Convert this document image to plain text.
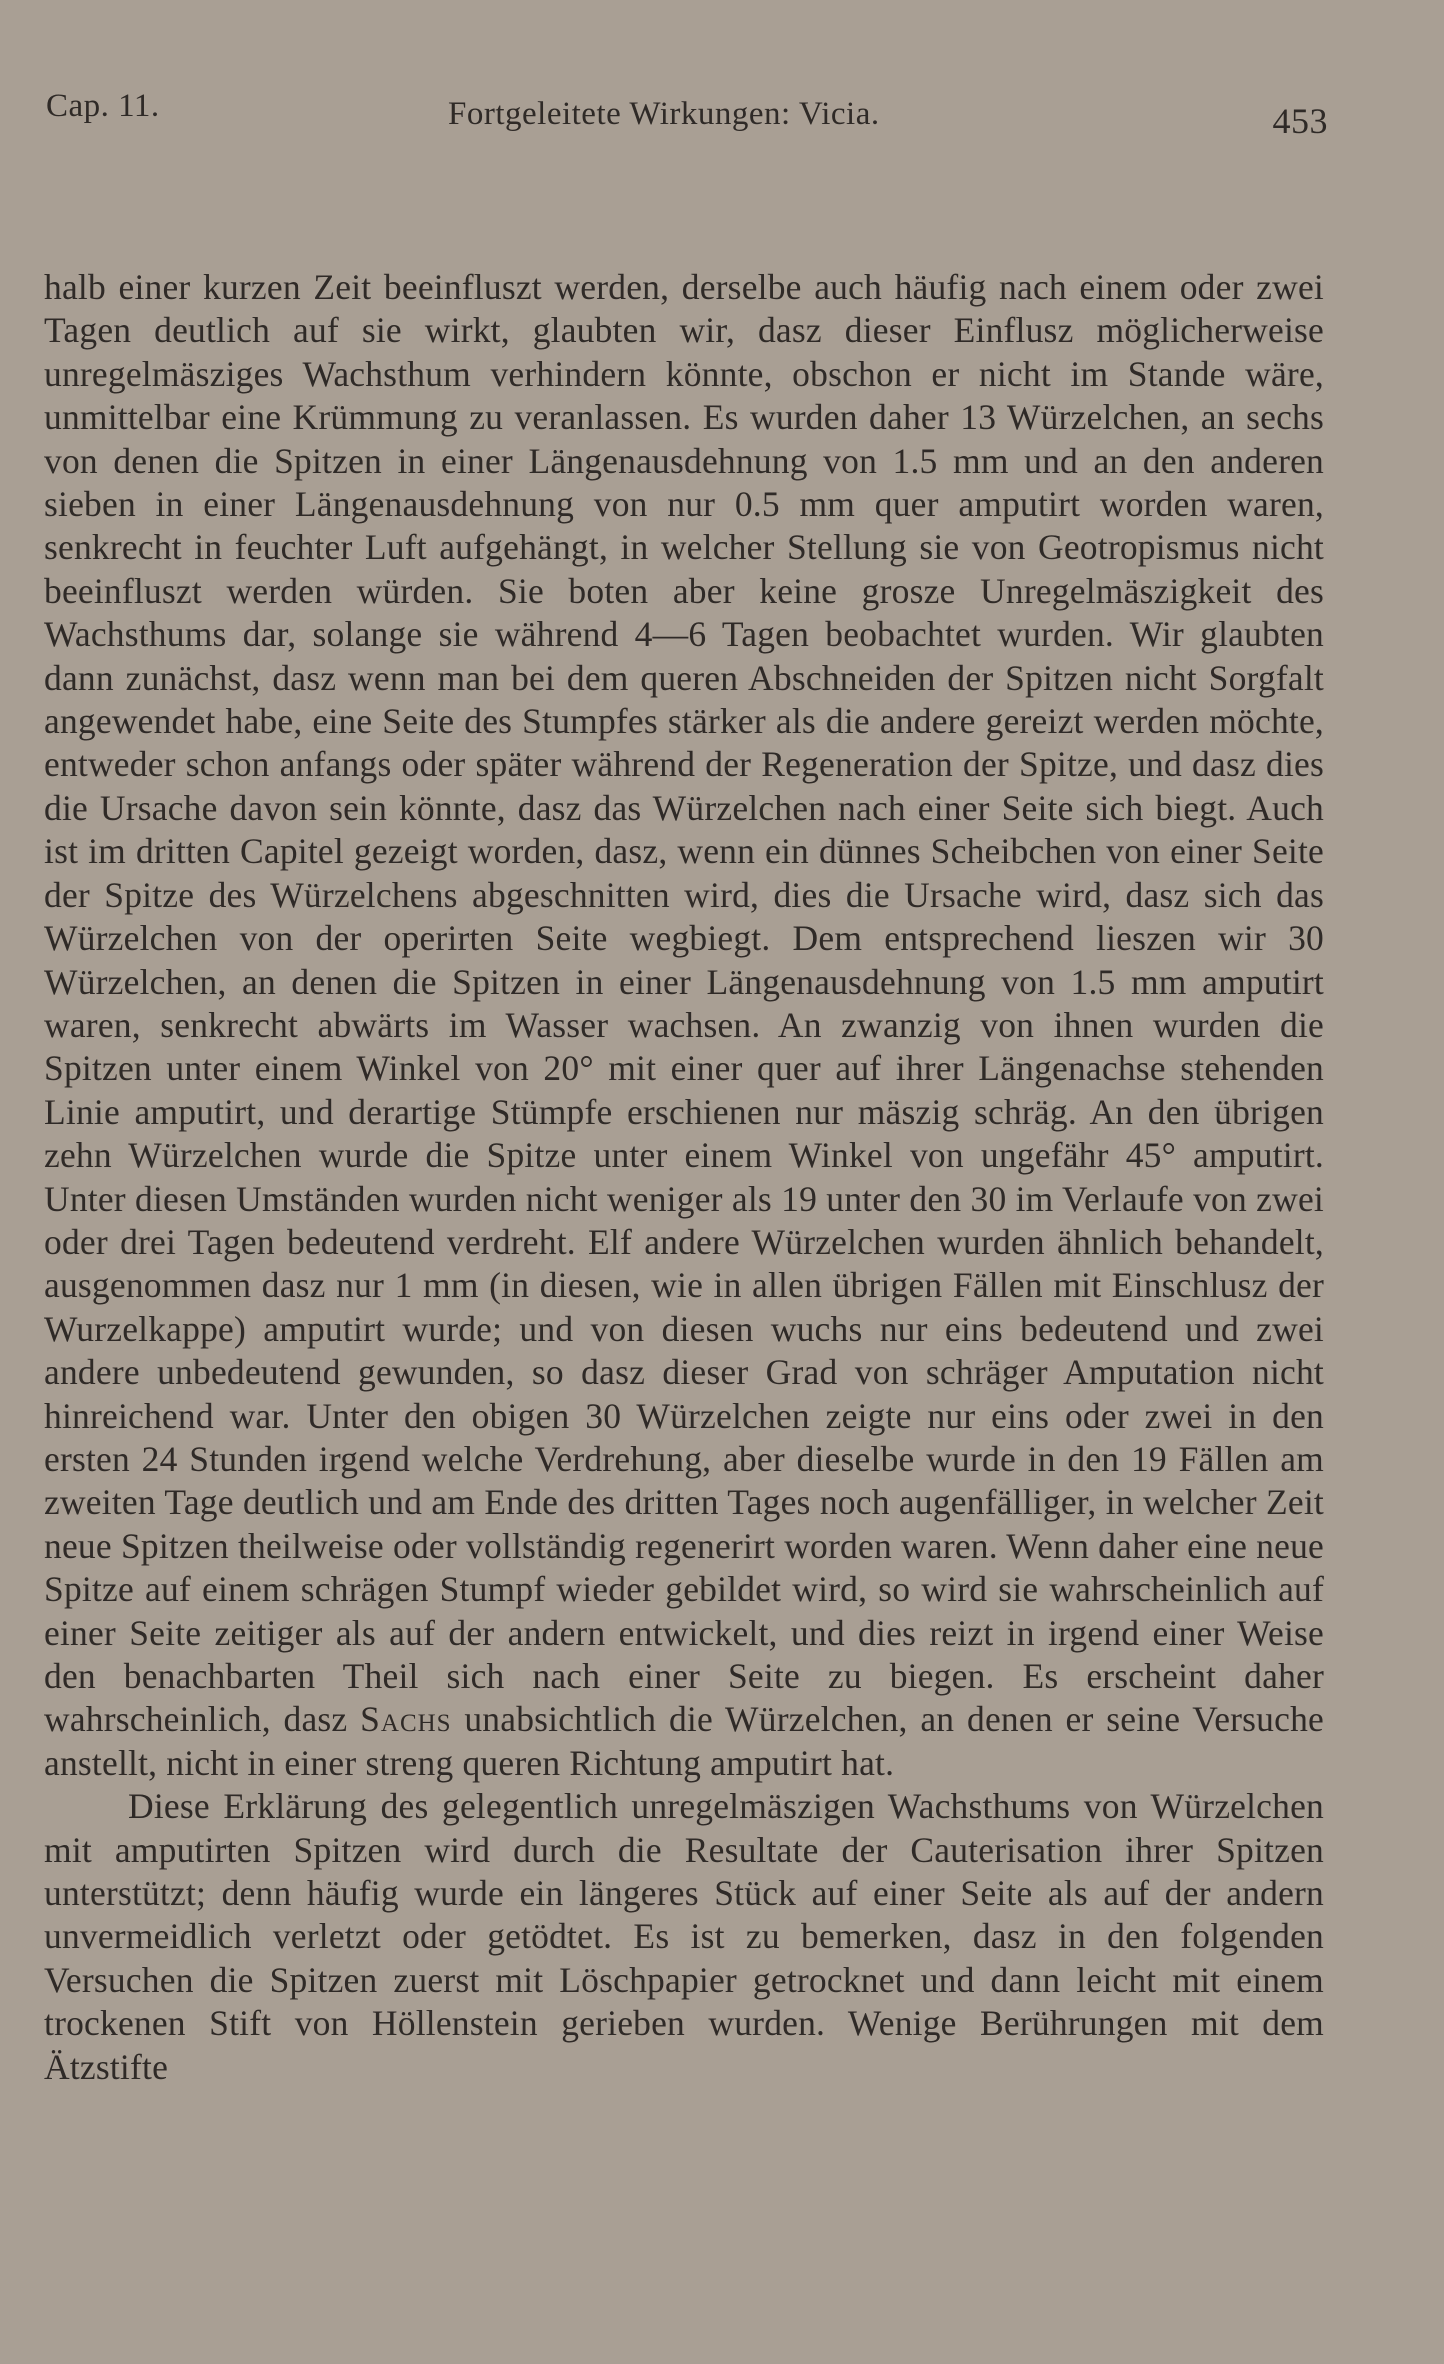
Cap. 11.	Fortgeleitete Wirkungen: Vicia.	453

halb einer kurzen Zeit beeinfluszt werden, derselbe auch häufig nach einem oder zwei Tagen deutlich auf sie wirkt, glaubten wir, dasz dieser Einflusz möglicherweise unregelmäsziges Wachsthum verhindern könnte, obschon er nicht im Stande wäre, unmittelbar eine Krümmung zu veranlassen. Es wurden daher 13 Würzelchen, an sechs von denen die Spitzen in einer Längenausdehnung von 1.5 mm und an den anderen sieben in einer Längenausdehnung von nur 0.5 mm quer amputirt worden waren, senkrecht in feuchter Luft aufgehängt, in welcher Stellung sie von Geotropismus nicht beeinfluszt werden würden. Sie boten aber keine grosze Unregelmäszigkeit des Wachsthums dar, solange sie während 4—6 Tagen beobachtet wurden. Wir glaubten dann zunächst, dasz wenn man bei dem queren Abschneiden der Spitzen nicht Sorgfalt angewendet habe, eine Seite des Stumpfes stärker als die andere gereizt werden möchte, entweder schon anfangs oder später während der Regeneration der Spitze, und dasz dies die Ursache davon sein könnte, dasz das Würzelchen nach einer Seite sich biegt. Auch ist im dritten Capitel gezeigt worden, dasz, wenn ein dünnes Scheibchen von einer Seite der Spitze des Würzelchens abgeschnitten wird, dies die Ursache wird, dasz sich das Würzelchen von der operirten Seite wegbiegt. Dem entsprechend lieszen wir 30 Würzelchen, an denen die Spitzen in einer Längenausdehnung von 1.5 mm amputirt waren, senkrecht abwärts im Wasser wachsen. An zwanzig von ihnen wurden die Spitzen unter einem Winkel von 20° mit einer quer auf ihrer Längenachse stehenden Linie amputirt, und derartige Stümpfe erschienen nur mäszig schräg. An den übrigen zehn Würzelchen wurde die Spitze unter einem Winkel von ungefähr 45° amputirt. Unter diesen Umständen wurden nicht weniger als 19 unter den 30 im Verlaufe von zwei oder drei Tagen bedeutend verdreht. Elf andere Würzelchen wurden ähnlich behandelt, ausgenommen dasz nur 1 mm (in diesen, wie in allen übrigen Fällen mit Einschlusz der Wurzelkappe) amputirt wurde; und von diesen wuchs nur eins bedeutend und zwei andere unbedeutend gewunden, so dasz dieser Grad von schräger Amputation nicht hinreichend war. Unter den obigen 30 Würzelchen zeigte nur eins oder zwei in den ersten 24 Stunden irgend welche Verdrehung, aber dieselbe wurde in den 19 Fällen am zweiten Tage deutlich und am Ende des dritten Tages noch augenfälliger, in welcher Zeit neue Spitzen theilweise oder vollständig regenerirt worden waren. Wenn daher eine neue Spitze auf einem schrägen Stumpf wieder gebildet wird, so wird sie wahrscheinlich auf einer Seite zeitiger als auf der andern entwickelt, und dies reizt in irgend einer Weise den benachbarten Theil sich nach einer Seite zu biegen. Es erscheint daher wahrscheinlich, dasz Sachs unabsichtlich die Würzelchen, an denen er seine Versuche anstellt, nicht in einer streng queren Richtung amputirt hat.

Diese Erklärung des gelegentlich unregelmäszigen Wachsthums von Würzelchen mit amputirten Spitzen wird durch die Resultate der Cauterisation ihrer Spitzen unterstützt; denn häufig wurde ein längeres Stück auf einer Seite als auf der andern unvermeidlich verletzt oder getödtet. Es ist zu bemerken, dasz in den folgenden Versuchen die Spitzen zuerst mit Löschpapier getrocknet und dann leicht mit einem trockenen Stift von Höllenstein gerieben wurden. Wenige Berührungen mit dem Ätzstifte
